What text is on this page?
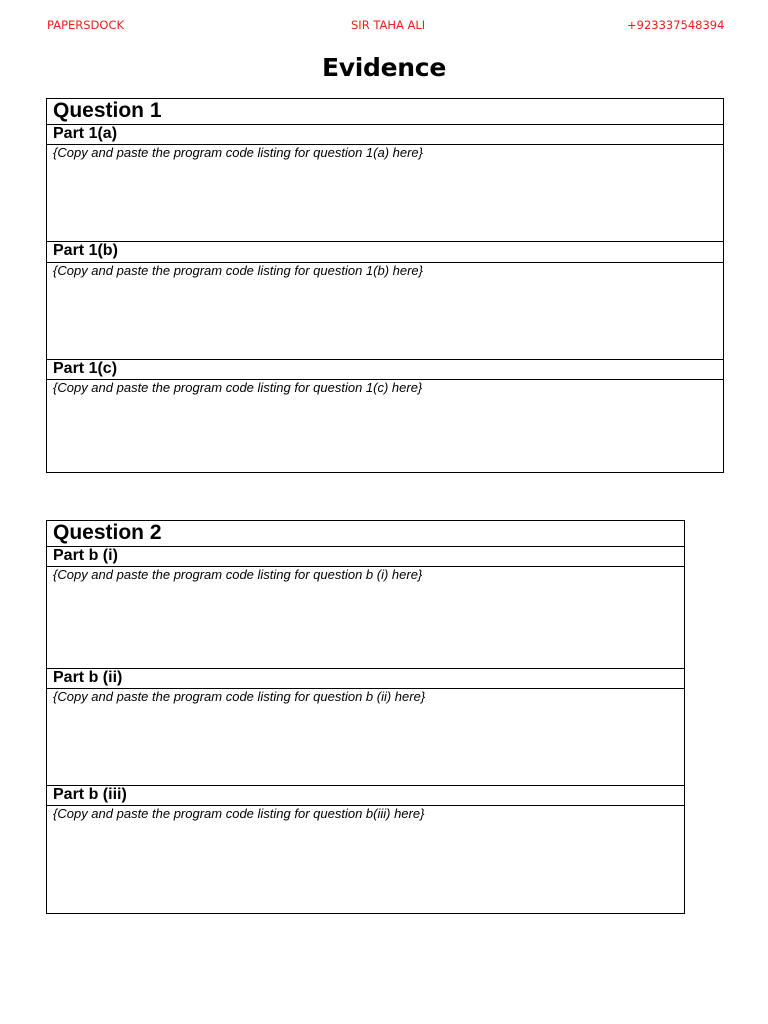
PAPERSDOCK	SIR TAHA ALI	+923337548394
Evidence
Question 1
Part 1(a)
{Copy and paste the program code listing for question 1(a) here}
Part 1(b)
{Copy and paste the program code listing for question 1(b) here}
Part 1(c)
{Copy and paste the program code listing for question 1(c) here}
Question 2
Part b (i)
{Copy and paste the program code listing for question b (i) here}
Part b (ii)
{Copy and paste the program code listing for question b (ii) here}
Part b (iii)
{Copy and paste the program code listing for question b(iii) here}
